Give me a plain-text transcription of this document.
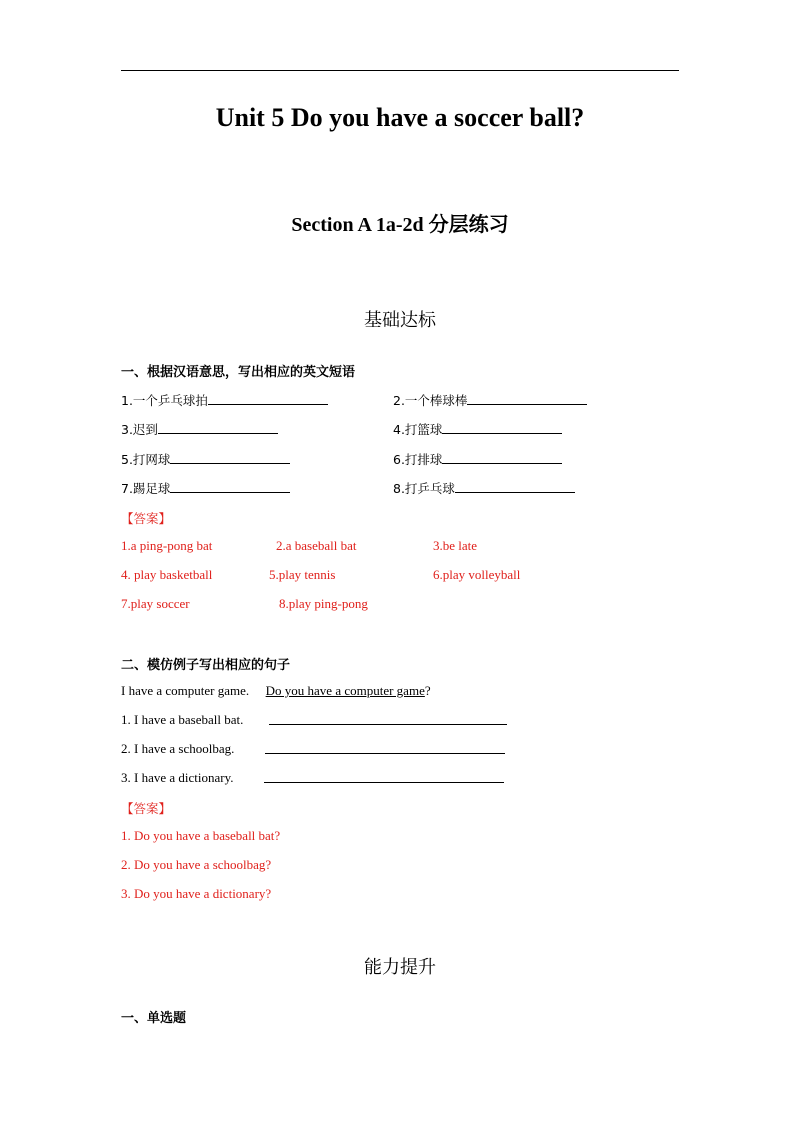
Unit 5 Do you have a soccer ball?
Section A 1a-2d 分层练习
基础达标
一、根据汉语意思，写出相应的英文短语
1.一个乒乓球拍	2.一个棒球棒
3.迟到	4.打篮球
5.打网球	6.打排球
7.踢足球	8.打乒乓球
【答案】
1.a ping-pong bat	2.a baseball bat	3.be late
4. play basketball	5.play tennis	6.play volleyball
7.play soccer	8.play ping-pong
二、模仿例子写出相应的句子
I have a computer game. Do you have a computer game?
1. I have a baseball bat.
2. I have a schoolbag.
3. I have a dictionary.
【答案】
1. Do you have a baseball bat?
2. Do you have a schoolbag?
3. Do you have a dictionary?
能力提升
一、单选题
